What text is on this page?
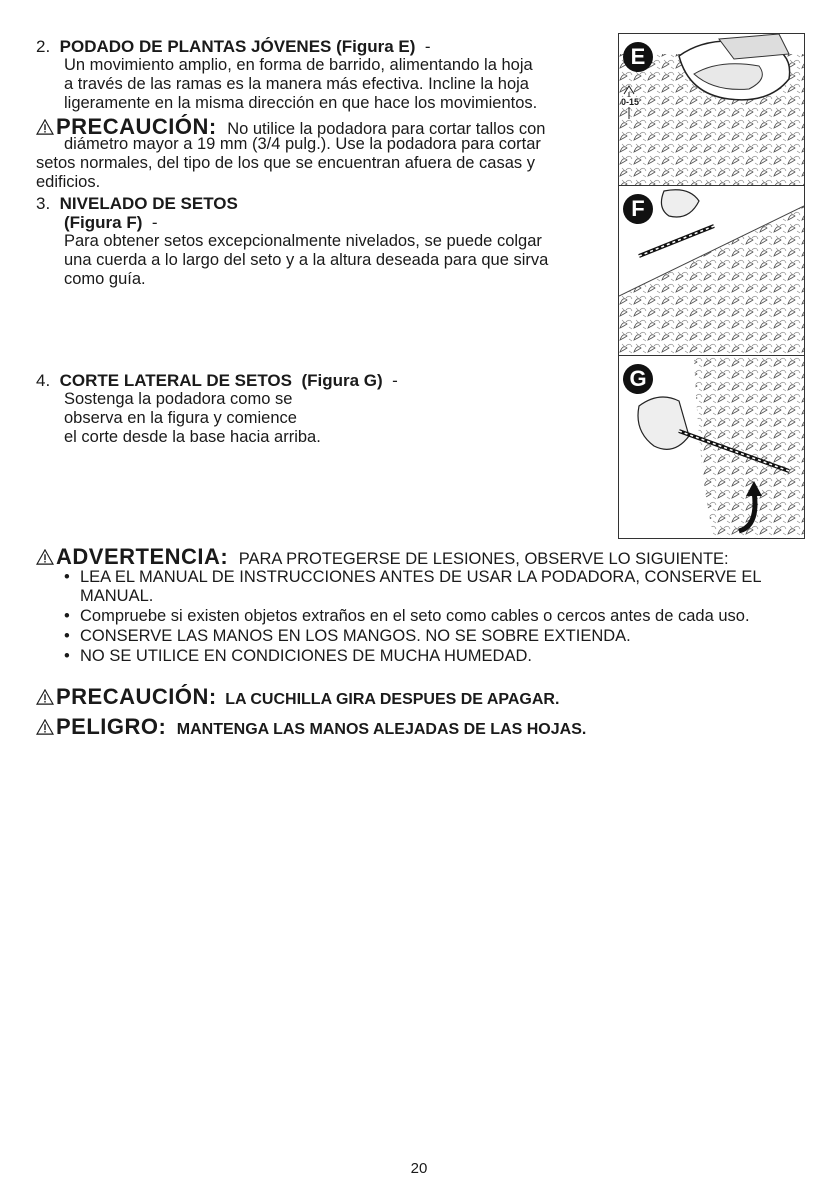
2. PODADO DE PLANTAS JÓVENES (Figura E) -
Un movimiento amplio, en forma de barrido, alimentando la hoja
a través de las ramas es la manera más efectiva. Incline la hoja
ligeramente en la misma dirección en que hace los movimientos.
PRECAUCIÓN: No utilice la podadora para cortar tallos con
diámetro mayor a 19 mm (3/4 pulg.). Use la podadora para cortar
setos normales, del tipo de los que se encuentran afuera de casas y
edificios.
3. NIVELADO DE SETOS
(Figura F) -
Para obtener setos excepcionalmente nivelados, se puede colgar
una cuerda a lo largo del seto y a la altura deseada para que sirva
como guía.
4. CORTE LATERAL DE SETOS (Figura G) -
Sostenga la podadora como se
observa en la figura y comience
el corte desde la base hacia arriba.
E
0-15
F
G
ADVERTENCIA: PARA PROTEGERSE DE LESIONES, OBSERVE LO SIGUIENTE:
• LEA EL MANUAL DE INSTRUCCIONES ANTES DE USAR LA PODADORA, CONSERVE EL MANUAL.
• Compruebe si existen objetos extraños en el seto como cables o cercos antes de cada uso.
• CONSERVE LAS MANOS EN LOS MANGOS. NO SE SOBRE EXTIENDA.
• NO SE UTILICE EN CONDICIONES DE MUCHA HUMEDAD.
PRECAUCIÓN: LA CUCHILLA GIRA DESPUES DE APAGAR.
PELIGRO: MANTENGA LAS MANOS ALEJADAS DE LAS HOJAS.
20
